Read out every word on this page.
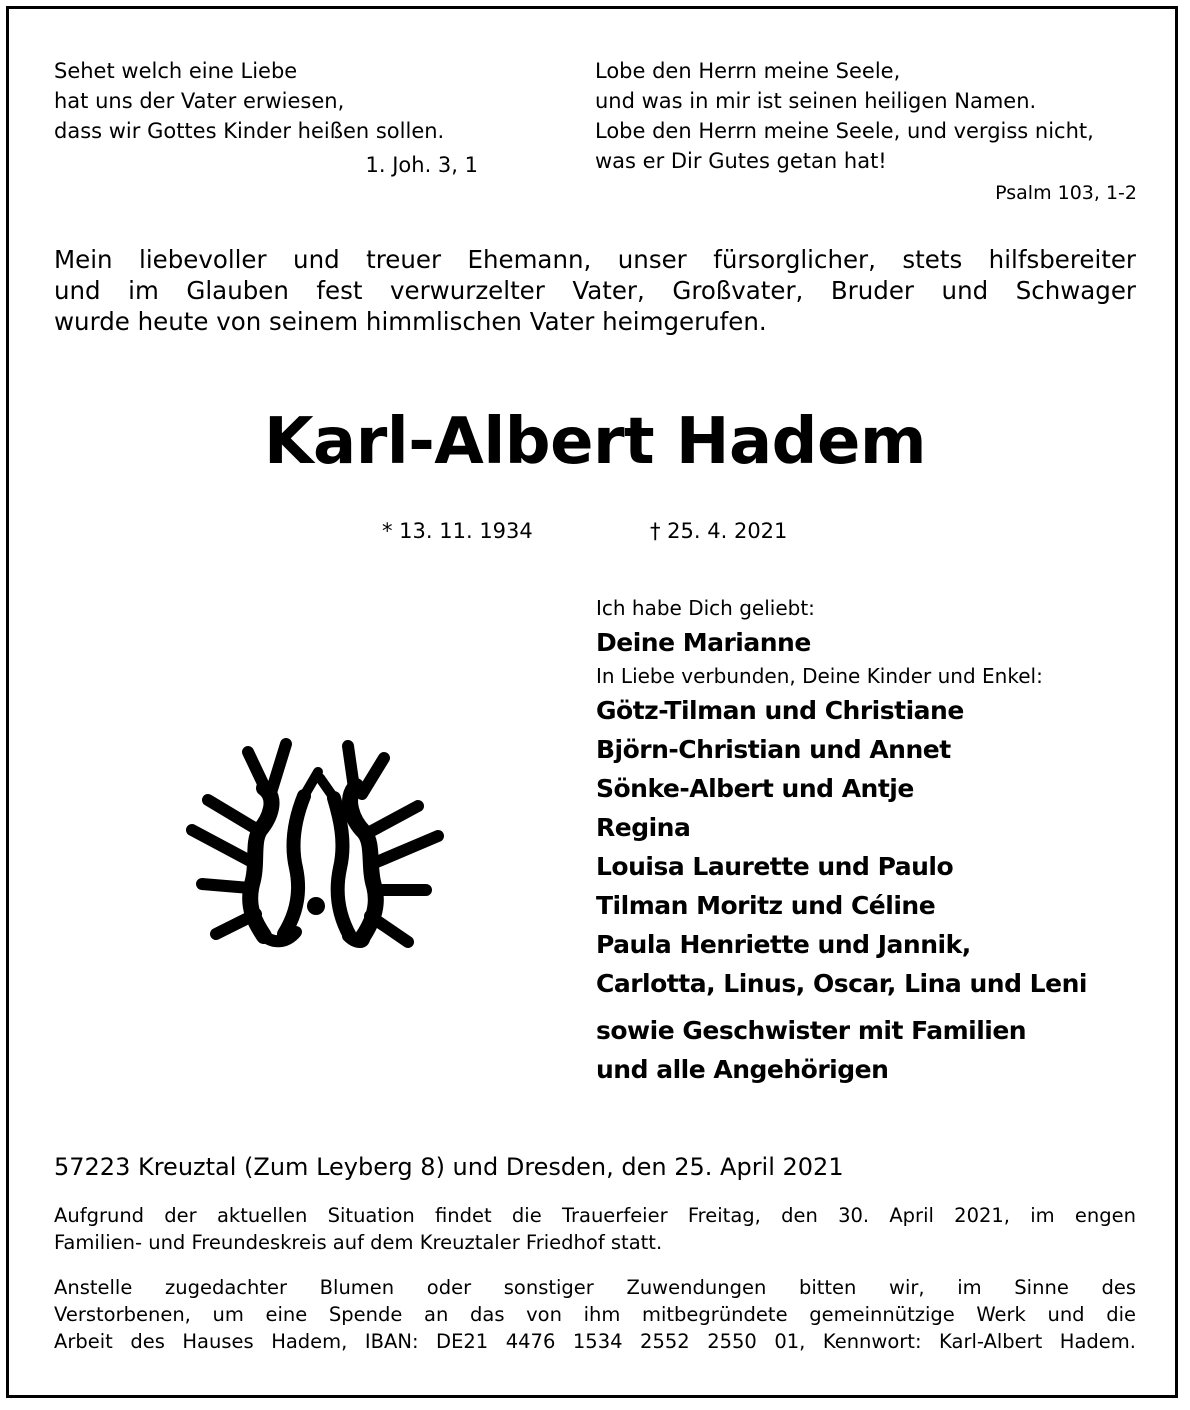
Sehet welch eine Liebe
hat uns der Vater erwiesen,
dass wir Gottes Kinder heißen sollen.
1. Joh. 3, 1
Lobe den Herrn meine Seele,
und was in mir ist seinen heiligen Namen.
Lobe den Herrn meine Seele, und vergiss nicht,
was er Dir Gutes getan hat!
Psalm 103, 1-2
Mein liebevoller und treuer Ehemann, unser fürsorglicher, stets hilfsbereiter
und im Glauben fest verwurzelter Vater, Großvater, Bruder und Schwager
wurde heute von seinem himmlischen Vater heimgerufen.
Karl-Albert Hadem
* 13. 11. 1934	† 25. 4. 2021
Ich habe Dich geliebt:
Deine Marianne
In Liebe verbunden, Deine Kinder und Enkel:
Götz-Tilman und Christiane
Björn-Christian und Annet
Sönke-Albert und Antje
Regina
Louisa Laurette und Paulo
Tilman Moritz und Céline
Paula Henriette und Jannik,
Carlotta, Linus, Oscar, Lina und Leni
sowie Geschwister mit Familien
und alle Angehörigen
57223 Kreuztal (Zum Leyberg 8) und Dresden, den 25. April 2021
Aufgrund der aktuellen Situation findet die Trauerfeier Freitag, den 30. April 2021, im engen
Familien- und Freundeskreis auf dem Kreuztaler Friedhof statt.
Anstelle zugedachter Blumen oder sonstiger Zuwendungen bitten wir, im Sinne des
Verstorbenen, um eine Spende an das von ihm mitbegründete gemeinnützige Werk und die
Arbeit des Hauses Hadem, IBAN: DE21 4476 1534 2552 2550 01, Kennwort: Karl-Albert Hadem.
